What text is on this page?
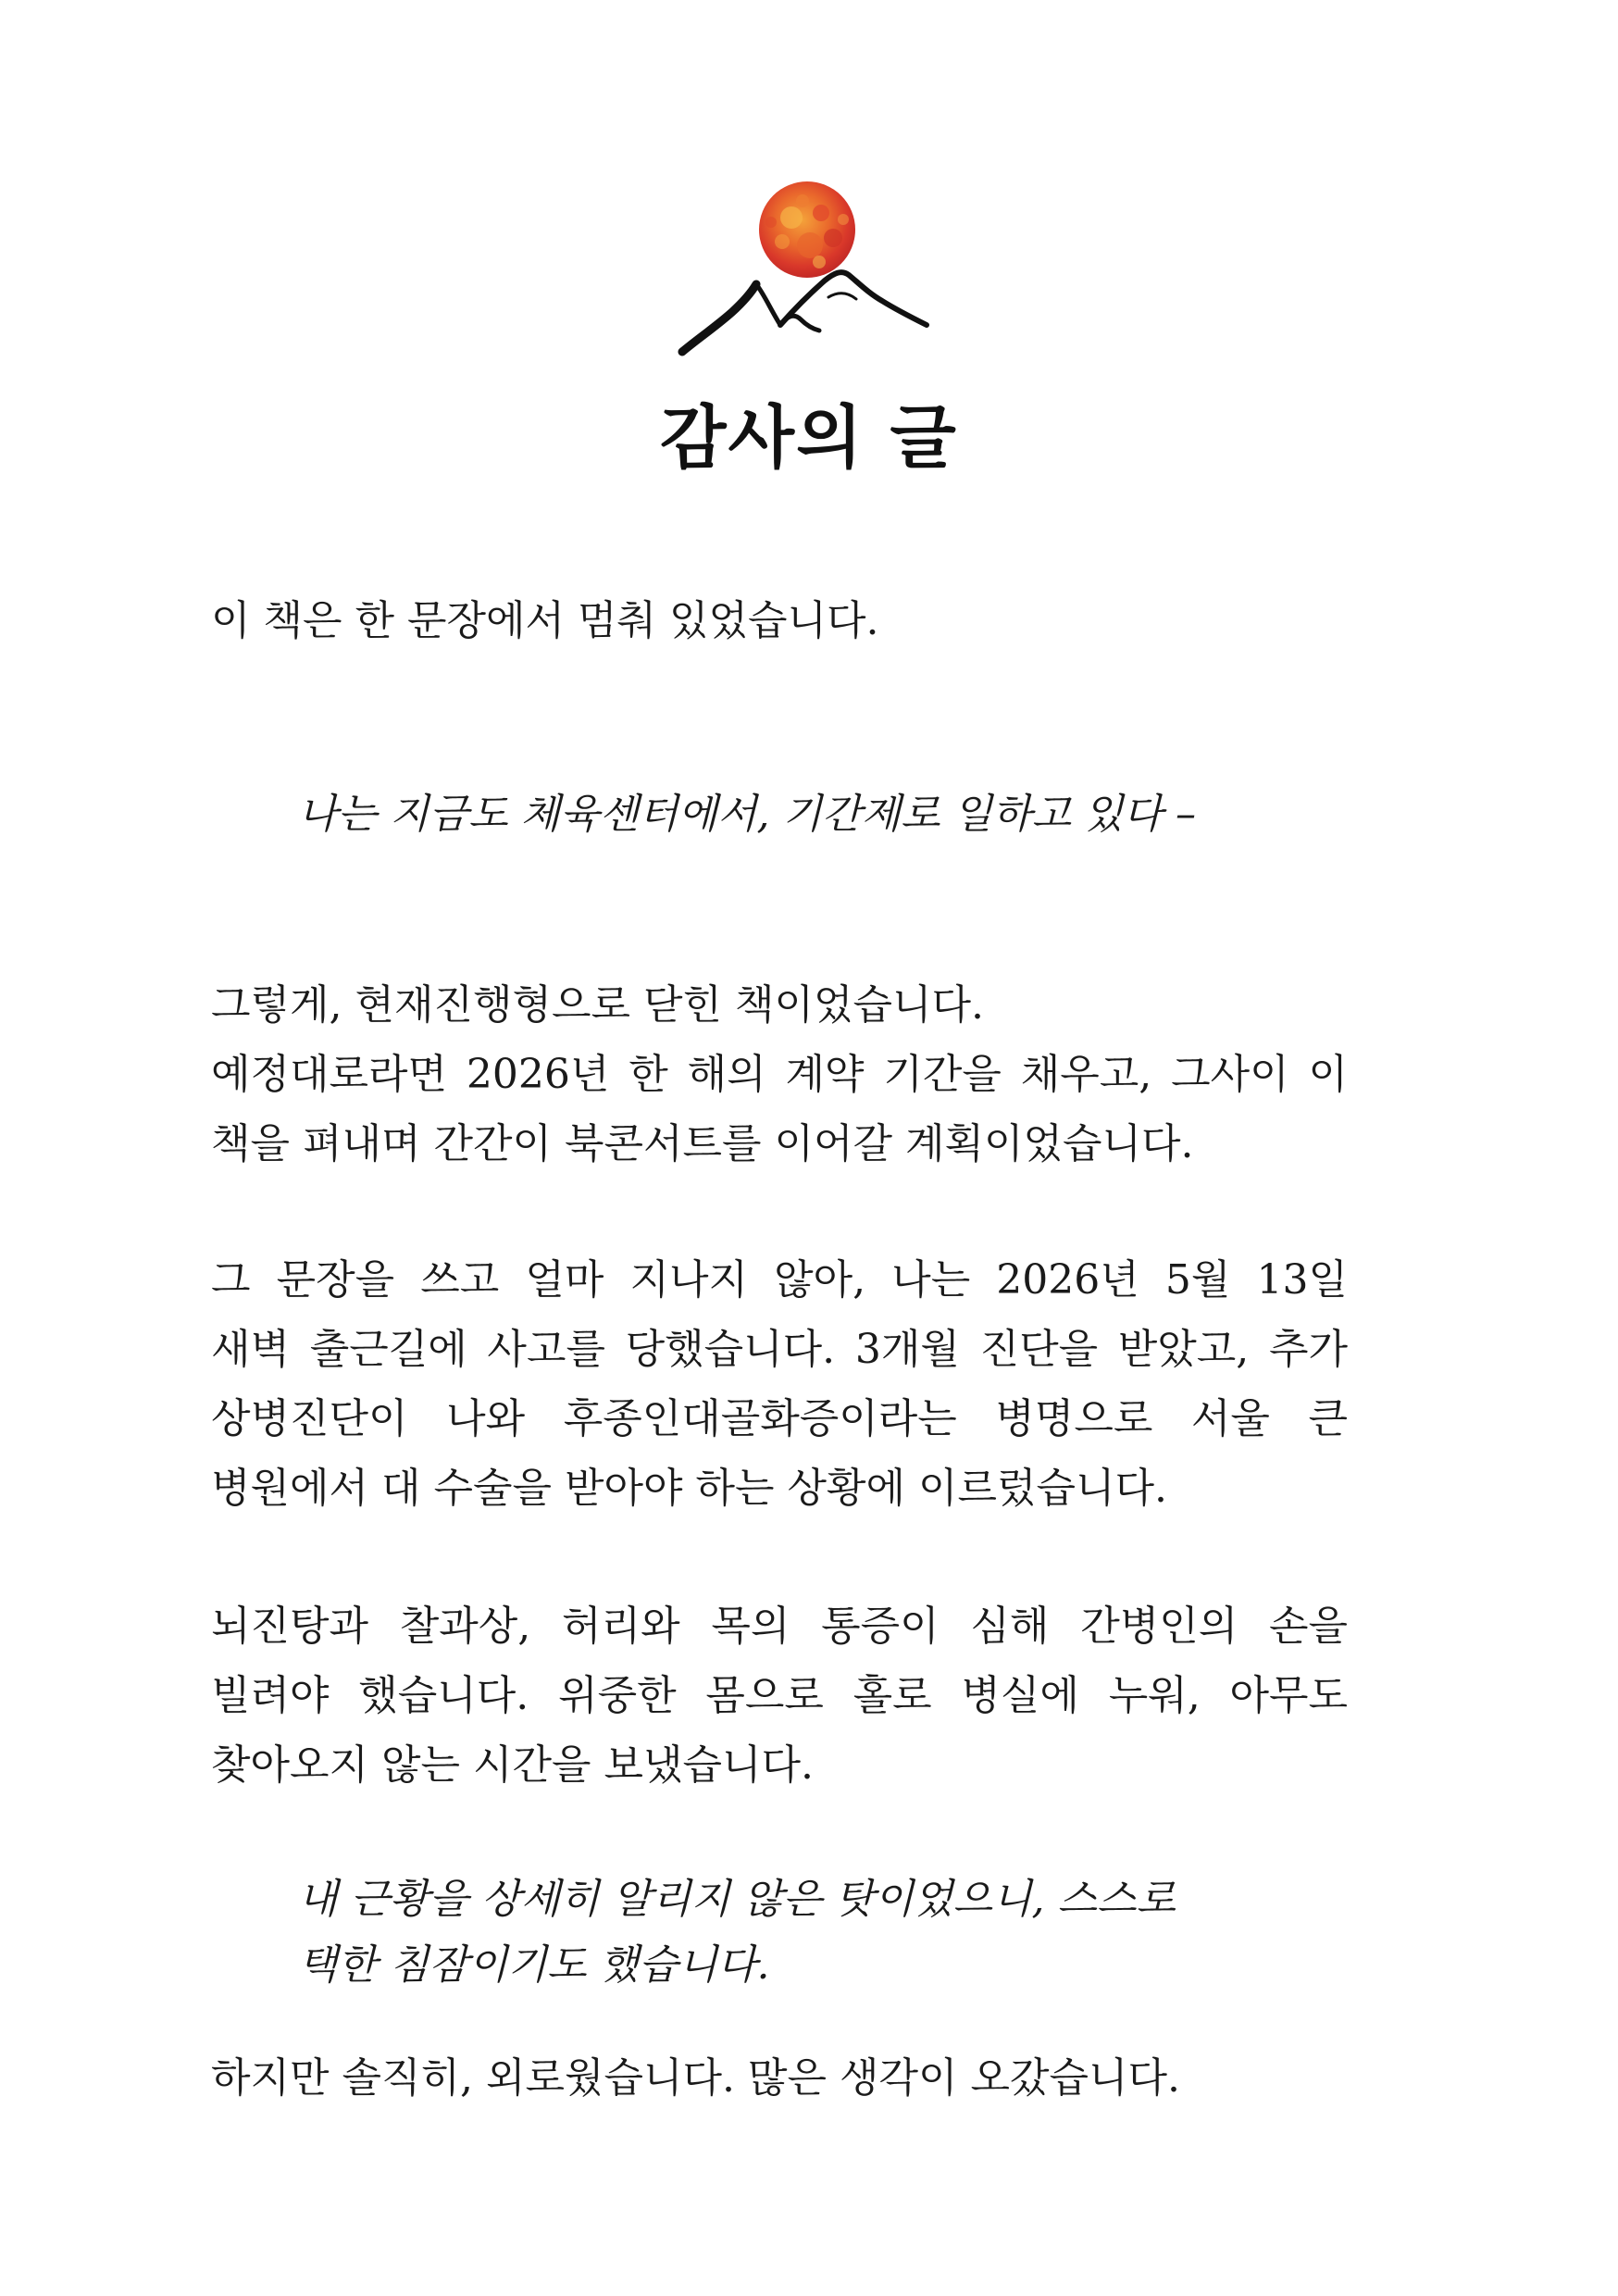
감사의 글
이 책은 한 문장에서 멈춰 있었습니다.
나는 지금도 체육센터에서, 기간제로 일하고 있다 –
그렇게, 현재진행형으로 닫힌 책이었습니다.
예정대로라면 2026년 한 해의 계약 기간을 채우고, 그사이 이
책을 펴내며 간간이 북콘서트를 이어갈 계획이었습니다.
그 문장을 쓰고 얼마 지나지 않아, 나는 2026년 5월 13일
새벽 출근길에 사고를 당했습니다. 3개월 진단을 받았고, 추가
상병진단이 나와 후종인대골화증이라는 병명으로 서울 큰
병원에서 대 수술을 받아야 하는 상황에 이르렀습니다.
뇌진탕과 찰과상, 허리와 목의 통증이 심해 간병인의 손을
빌려야 했습니다. 위중한 몸으로 홀로 병실에 누워, 아무도
찾아오지 않는 시간을 보냈습니다.
내 근황을 상세히 알리지 않은 탓이었으니, 스스로
택한 침잠이기도 했습니다.
하지만 솔직히, 외로웠습니다. 많은 생각이 오갔습니다.
